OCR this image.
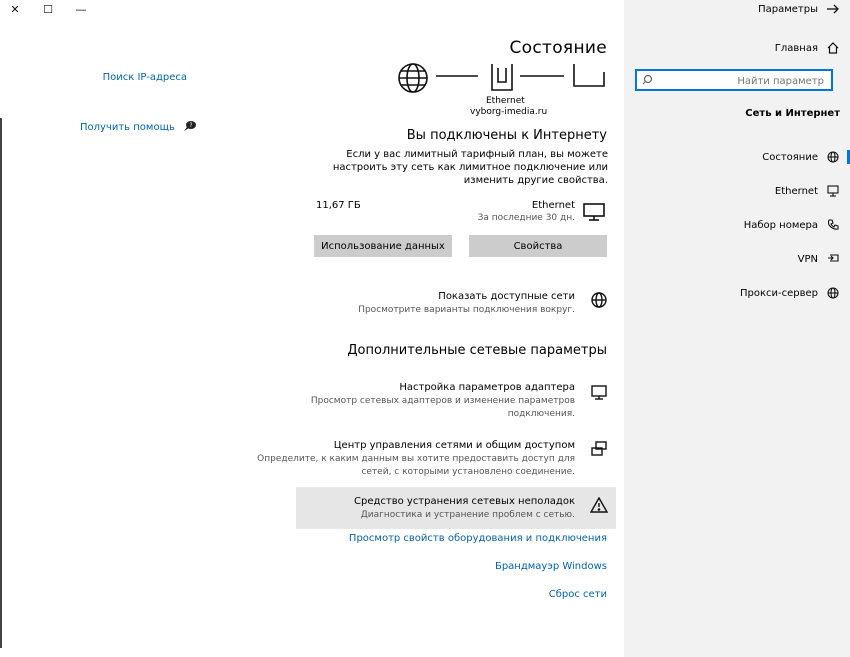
✕	☐	—
Поиск IP-адреса
Получить помощь ?
Состояние
Ethernet
vyborg-imedia.ru
Вы подключены к Интернету
Если у вас лимитный тарифный план, вы можете настроить эту сеть как лимитное подключение или изменить другие свойства.
Ethernet
За последние 30 дн.
11,67 ГБ
Свойства
Использование данных
Показать доступные сети
Просмотрите варианты подключения вокруг.
Дополнительные сетевые параметры
Настройка параметров адаптера
Просмотр сетевых адаптеров и изменение параметров
подключения.
Центр управления сетями и общим доступом
Определите, к каким данным вы хотите предоставить доступ для
сетей, с которыми установлено соединение.
Средство устранения сетевых неполадок
Диагностика и устранение проблем с сетью.
Просмотр свойств оборудования и подключения
Брандмауэр Windows
Сброс сети
Параметры
Главная
Найти параметр
Сеть и Интернет
Состояние
Ethernet
Набор номера
VPN
Прокси-сервер
